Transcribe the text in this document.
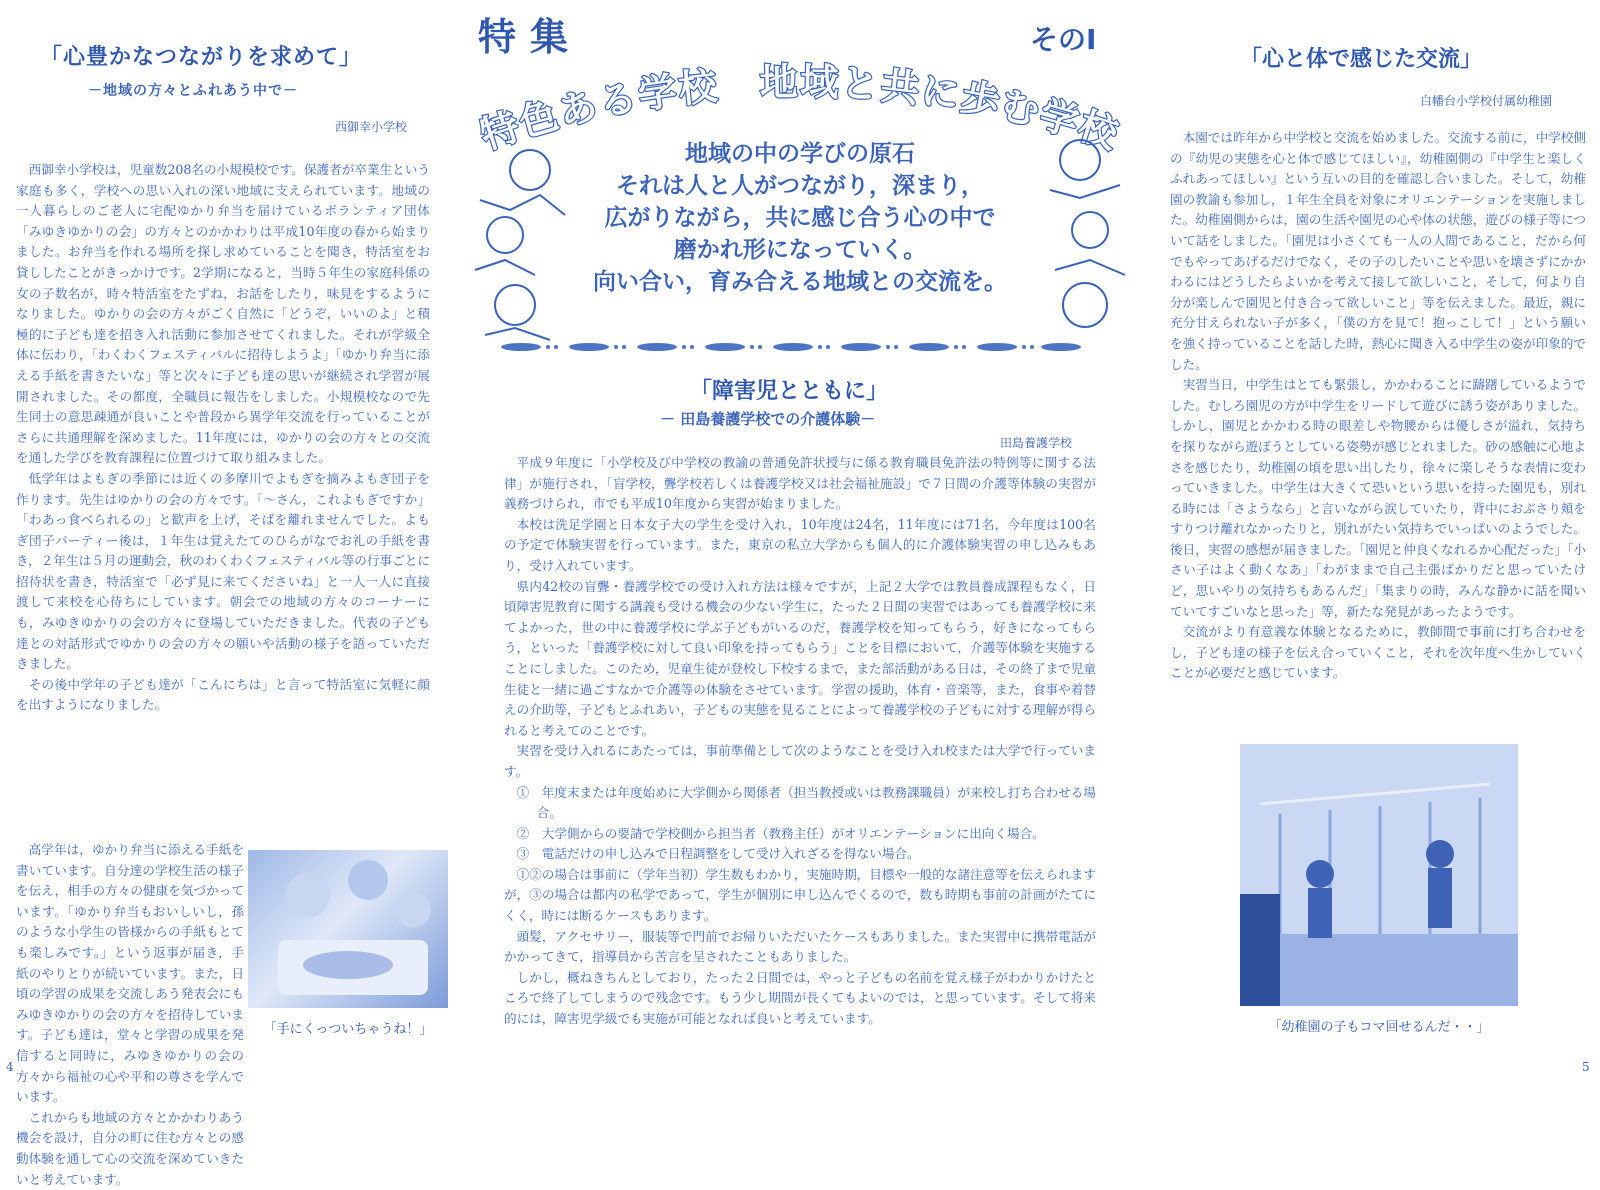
「心豊かなつながりを求めて」
－地域の方々とふれあう中で－
西御幸小学校

西御幸小学校は，児童数208名の小規模校です。保護者が卒業生という家庭も多く，学校への思い入れの深い地域に支えられています。地域の一人暮らしのご老人に宅配ゆかり弁当を届けているボランティア団体「みゆきゆかりの会」の方々とのかかわりは平成10年度の春から始まりました。お弁当を作れる場所を探し求めていることを聞き，特活室をお貸ししたことがきっかけです。2学期になると，当時５年生の家庭科係の女の子数名が，時々特活室をたずね，お話をしたり，味見をするようになりました。ゆかりの会の方々がごく自然に「どうぞ，いいのよ」と積極的に子ども達を招き入れ活動に参加させてくれました。それが学級全体に伝わり，「わくわくフェスティバルに招待しようよ」「ゆかり弁当に添える手紙を書きたいな」等と次々に子ども達の思いが継続され学習が展開されました。その都度，全職員に報告をしました。小規模校なので先生同士の意思疎通が良いことや普段から異学年交流を行っていることがさらに共通理解を深めました。11年度には，ゆかりの会の方々との交流を通した学びを教育課程に位置づけて取り組みました。

低学年はよもぎの季節には近くの多摩川でよもぎを摘みよもぎ団子を作ります。先生はゆかりの会の方々です。「～さん，これよもぎですか」「わあっ食べられるの」と歓声を上げ，そばを離れませんでした。よもぎ団子パーティー後は，１年生は覚えたてのひらがなでお礼の手紙を書き，２年生は５月の運動会，秋のわくわくフェスティバル等の行事ごとに招待状を書き，特活室で「必ず見に来てくださいね」と一人一人に直接渡して来校を心待ちにしています。朝会での地域の方々のコーナーにも，みゆきゆかりの会の方々に登場していただきました。代表の子ども達との対話形式でゆかりの会の方々の願いや活動の様子を語っていただきました。

その後中学年の子ども達が「こんにちは」と言って特活室に気軽に顔を出すようになりました。

高学年は，ゆかり弁当に添える手紙を書いています。自分達の学校生活の様子を伝え，相手の方々の健康を気づかっています。「ゆかり弁当もおいしいし，孫のような小学生の皆様からの手紙もとても楽しみです。」という返事が届き，手紙のやりとりが続いています。また，日頃の学習の成果を交流しあう発表会にもみゆきゆかりの会の方々を招待しています。子ども達は，堂々と学習の成果を発信すると同時に，みゆきゆかりの会の方々から福祉の心や平和の尊さを学んでいます。

これからも地域の方々とかかわりあう機会を設け，自分の町に住む方々との感動体験を通して心の交流を深めていきたいと考えています。

「手にくっついちゃうね！」
特集	そのⅠ
特色ある学校　地域と共に歩む学校
地域の中の学びの原石
それは人と人がつながり，深まり，
広がりながら，共に感じ合う心の中で
磨かれ形になっていく。
向い合い，育み合える地域との交流を。
「障害児とともに」
－ 田島養護学校での介護体験－
田島養護学校

平成９年度に「小学校及び中学校の教諭の普通免許状授与に係る教育職員免許法の特例等に関する法律」が施行され，「盲学校，聾学校若しくは養護学校又は社会福祉施設」で７日間の介護等体験の実習が義務づけられ，市でも平成10年度から実習が始まりました。

本校は洗足学園と日本女子大の学生を受け入れ，10年度は24名，11年度には71名，今年度は100名の予定で体験実習を行っています。また，東京の私立大学からも個人的に介護体験実習の申し込みもあり，受け入れています。

県内42校の盲聾・養護学校での受け入れ方法は様々ですが，上記２大学では教員養成課程もなく，日頃障害児教育に関する講義も受ける機会の少ない学生に，たった２日間の実習ではあっても養護学校に来てよかった，世の中に養護学校に学ぶ子どもがいるのだ，養護学校を知ってもらう，好きになってもらう，といった「養護学校に対して良い印象を持ってもらう」ことを目標において，介護等体験を実施することにしました。このため，児童生徒が登校し下校するまで，また部活動がある日は，その終了まで児童生徒と一緒に過ごすなかで介護等の体験をさせています。学習の援助，体育・音楽等，また，食事や着替えの介助等，子どもとふれあい，子どもの実態を見ることによって養護学校の子どもに対する理解が得られると考えてのことです。

実習を受け入れるにあたっては，事前準備として次のようなことを受け入れ校または大学で行っています。

①　年度末または年度始めに大学側から関係者（担当教授或いは教務課職員）が来校し打ち合わせる場合。
②　大学側からの要請で学校側から担当者（教務主任）がオリエンテーションに出向く場合。
③　電話だけの申し込みで日程調整をして受け入れざるを得ない場合。

①②の場合は事前に（学年当初）学生数もわかり，実施時期，目標や一般的な諸注意等を伝えられますが，③の場合は都内の私学であって，学生が個別に申し込んでくるので，数も時期も事前の計画がたてにくく，時には断るケースもあります。

頭髪，アクセサリー，服装等で門前でお帰りいただいたケースもありました。また実習中に携帯電話がかかってきて，指導員から苦言を呈されたこともありました。

しかし，概ねきちんとしており，たった２日間では，やっと子どもの名前を覚え様子がわかりかけたところで終了してしまうので残念です。もう少し期間が長くてもよいのでは，と思っています。そして将来的には，障害児学級でも実施が可能となれば良いと考えています。

「心と体で感じた交流」
白幡台小学校付属幼稚園

本園では昨年から中学校と交流を始めました。交流する前に，中学校側の『幼児の実態を心と体で感じてほしい』，幼稚園側の『中学生と楽しくふれあってほしい』という互いの目的を確認し合いました。そして，幼稚園の教諭も参加し，１年生全員を対象にオリエンテーションを実施しました。幼稚園側からは，園の生活や園児の心や体の状態，遊びの様子等について話をしました。「園児は小さくても一人の人間であること，だから何でもやってあげるだけでなく，その子のしたいことや思いを壊さずにかかわるにはどうしたらよいかを考えて接して欲しいこと，そして，何より自分が楽しんで園児と付き合って欲しいこと」等を伝えました。最近，親に充分甘えられない子が多く，「僕の方を見て！抱っこして！」という願いを強く持っていることを話した時，熱心に聞き入る中学生の姿が印象的でした。

実習当日，中学生はとても緊張し，かかわることに躊躇しているようでした。むしろ園児の方が中学生をリードして遊びに誘う姿がありました。しかし，園児とかかわる時の眼差しや物腰からは優しさが溢れ，気持ちを探りながら遊ぼうとしている姿勢が感じとれました。砂の感触に心地よさを感じたり，幼稚園の頃を思い出したり，徐々に楽しそうな表情に変わっていきました。中学生は大きくて恐いという思いを持った園児も，別れる時には「さようなら」と言いながら涙していたり，背中におぶさり頬をすりつけ離れなかったりと，別れがたい気持ちでいっぱいのようでした。後日，実習の感想が届きました。「園児と仲良くなれるか心配だった」「小さい子はよく動くなあ」「わがままで自己主張ばかりだと思っていたけど，思いやりの気持ちもあるんだ」「集まりの時，みんな静かに話を聞いていてすごいなと思った」等，新たな発見があったようです。

交流がより有意義な体験となるために，教師間で事前に打ち合わせをし，子ども達の様子を伝え合っていくこと，それを次年度へ生かしていくことが必要だと感じています。

「幼稚園の子もコマ回せるんだ・・」
4	5
